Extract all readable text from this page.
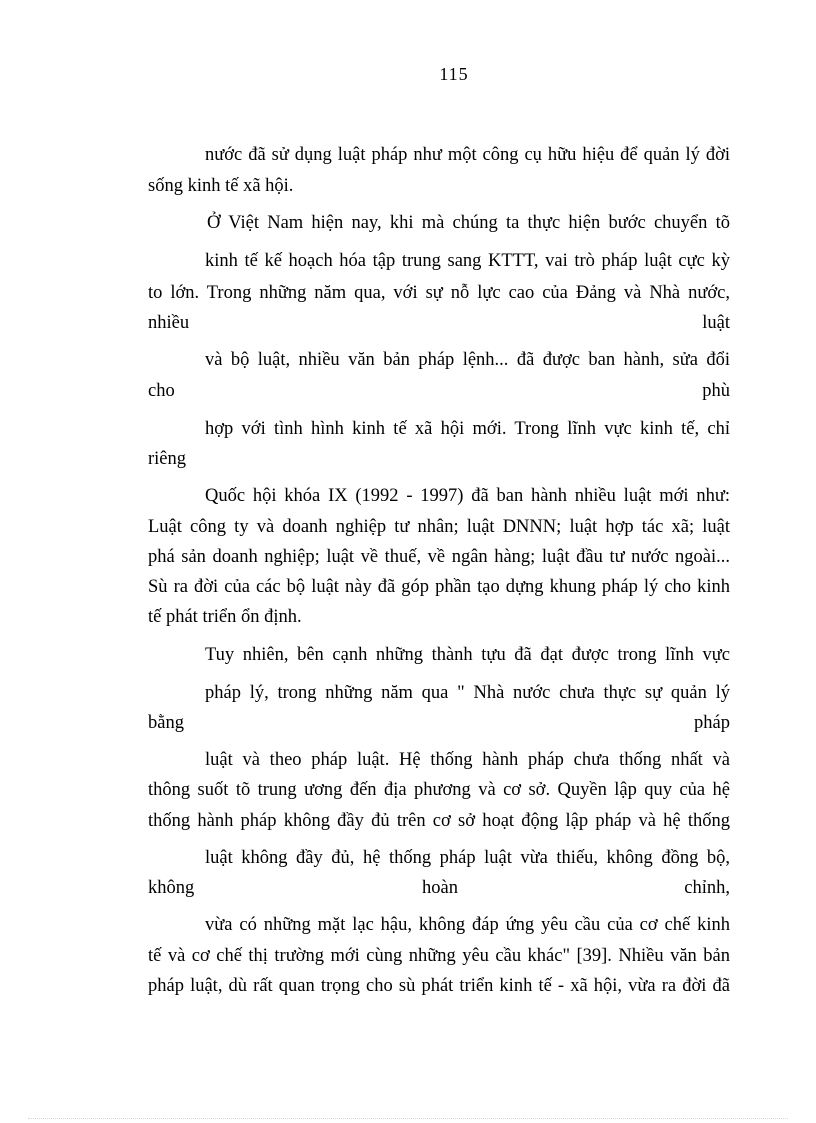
115
nước đã sử dụng luật pháp như một công cụ hữu hiệu để quản lý đời
sống kinh tế xã hội.
Ở Việt Nam hiện nay, khi mà chúng ta thực hiện bước chuyển tõ
kinh tế kế hoạch hóa tập trung sang KTTT, vai trò pháp luật cực kỳ
to lớn. Trong những năm qua, với sự nỗ lực cao của Đảng và Nhà nước,
nhiều	luật
và bộ luật, nhiều văn bản pháp lệnh... đã được ban hành, sửa đổi
cho	phù
hợp với tình hình kinh tế xã hội mới. Trong lĩnh vực kinh tế, chỉ
riêng
Quốc hội khóa IX (1992 - 1997) đã ban hành nhiều luật mới như:
Luật công ty và doanh nghiệp tư nhân; luật DNNN; luật hợp tác xã; luật
phá sản doanh nghiệp; luật về thuế, về ngân hàng; luật đầu tư nước ngoài...
Sù ra đời của các bộ luật này đã góp phần tạo dựng khung pháp lý cho kinh
tế phát triển ổn định.
Tuy nhiên, bên cạnh những thành tựu đã đạt được trong lĩnh vực
pháp lý, trong những năm qua " Nhà nước chưa thực sự quản lý
bằng	pháp
luật và theo pháp luật. Hệ thống hành pháp chưa thống nhất và
thông suốt tõ trung ương đến địa phương và cơ sở. Quyền lập quy của hệ
thống hành pháp không đầy đủ trên cơ sở hoạt động lập pháp và hệ thống
luật không đầy đủ, hệ thống pháp luật vừa thiếu, không đồng bộ,
không	hoàn	chỉnh,
vừa có những mặt lạc hậu, không đáp ứng yêu cầu của cơ chế kinh
tế và cơ chế thị trường mới cùng những yêu cầu khác" [39]. Nhiều văn bản
pháp luật, dù rất quan trọng cho sù phát triển kinh tế - xã hội, vừa ra đời đã
